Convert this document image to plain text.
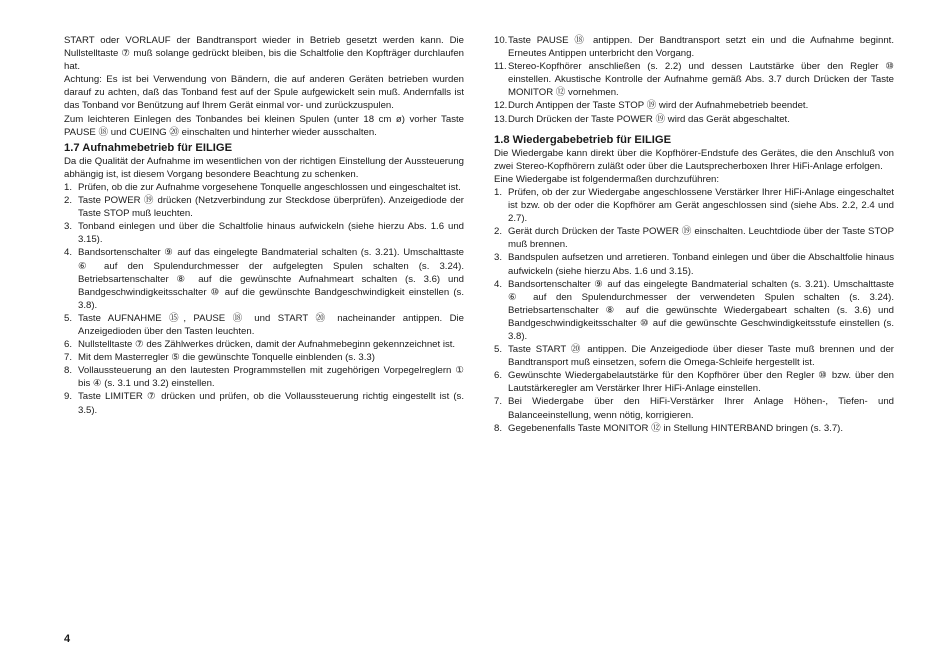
START oder VORLAUF der Bandtransport wieder in Betrieb gesetzt werden kann. Die Nullstelltaste ⑦ muß solange gedrückt bleiben, bis die Schaltfolie den Kopfträger durchlaufen hat.

Achtung: Es ist bei Verwendung von Bändern, die auf anderen Geräten betrieben wurden darauf zu achten, daß das Tonband fest auf der Spule aufgewickelt sein muß. Andernfalls ist das Tonband vor Benützung auf Ihrem Gerät einmal vor- und zurückzuspulen.

Zum leichteren Einlegen des Tonbandes bei kleinen Spulen (unter 18 cm ø) vorher Taste PAUSE ⑱ und CUEING ⑳ einschalten und hinterher wieder ausschalten.

1.7 Aufnahmebetrieb für EILIGE

Da die Qualität der Aufnahme im wesentlichen von der richtigen Einstellung der Aussteuerung abhängig ist, ist diesem Vorgang besondere Beachtung zu schenken.

1. Prüfen, ob die zur Aufnahme vorgesehene Tonquelle angeschlossen und eingeschaltet ist.
2. Taste POWER ⑲ drücken (Netzverbindung zur Steckdose überprüfen). Anzeigediode der Taste STOP muß leuchten.
3. Tonband einlegen und über die Schaltfolie hinaus aufwickeln (siehe hierzu Abs. 1.6 und 3.15).
4. Bandsortenschalter ⑨ auf das eingelegte Bandmaterial schalten (s. 3.21). Umschalttaste ⑥ auf den Spulendurchmesser der aufgelegten Spulen schalten (s. 3.24). Betriebsartenschalter ⑧ auf die gewünschte Aufnahmeart schalten (s. 3.6) und Bandgeschwindigkeitsschalter ⑩ auf die gewünschte Bandgeschwindigkeit einstellen (s. 3.8).
5. Taste AUFNAHME ⑮, PAUSE ⑱ und START ⑳ nacheinander antippen. Die Anzeigedioden über den Tasten leuchten.
6. Nullstelltaste ⑦ des Zählwerkes drücken, damit der Aufnahmebeginn gekennzeichnet ist.
7. Mit dem Masterregler ⑤ die gewünschte Tonquelle einblenden (s. 3.3)
8. Vollaussteuerung an den lautesten Programmstellen mit zugehörigen Vorpegelreglern ① bis ④ (s. 3.1 und 3.2) einstellen.
9. Taste LIMITER ⑦ drücken und prüfen, ob die Vollaussteuerung richtig eingestellt ist (s. 3.5).
10. Taste PAUSE ⑱ antippen. Der Bandtransport setzt ein und die Aufnahme beginnt. Erneutes Antippen unterbricht den Vorgang.
11. Stereo-Kopfhörer anschließen (s. 2.2) und dessen Lautstärke über den Regler ⑩ einstellen. Akustische Kontrolle der Aufnahme gemäß Abs. 3.7 durch Drücken der Taste MONITOR ⑫ vornehmen.
12. Durch Antippen der Taste STOP ⑲ wird der Aufnahmebetrieb beendet.
13. Durch Drücken der Taste POWER ⑲ wird das Gerät abgeschaltet.
1.8 Wiedergabebetrieb für EILIGE

Die Wiedergabe kann direkt über die Kopfhörer-Endstufe des Gerätes, die den Anschluß von zwei Stereo-Kopfhörern zuläßt oder über die Lautsprecherboxen Ihrer HiFi-Anlage erfolgen.

Eine Wiedergabe ist folgendermaßen durchzuführen:

1. Prüfen, ob der zur Wiedergabe angeschlossene Verstärker Ihrer HiFi-Anlage eingeschaltet ist bzw. ob der oder die Kopfhörer am Gerät angeschlossen sind (siehe Abs. 2.2, 2.4 und 2.7).
2. Gerät durch Drücken der Taste POWER ⑲ einschalten. Leuchtdiode über der Taste STOP muß brennen.
3. Bandspulen aufsetzen und arretieren. Tonband einlegen und über die Abschaltfolie hinaus aufwickeln (siehe hierzu Abs. 1.6 und 3.15).
4. Bandsortenschalter ⑨ auf das eingelegte Bandmaterial schalten (s. 3.21). Umschalttaste ⑥ auf den Spulendurchmesser der verwendeten Spulen schalten (s. 3.24). Betriebsartenschalter ⑧ auf die gewünschte Wiedergabeart schalten (s. 3.6) und Bandgeschwindigkeitsschalter ⑩ auf die gewünschte Geschwindigkeitsstufe einstellen (s. 3.8).
5. Taste START ⑳ antippen. Die Anzeigediode über dieser Taste muß brennen und der Bandtransport muß einsetzen, sofern die Omega-Schleife hergestellt ist.
6. Gewünschte Wiedergabelautstärke für den Kopfhörer über den Regler ⑩ bzw. über den Lautstärkeregler am Verstärker Ihrer HiFi-Anlage einstellen.
7. Bei Wiedergabe über den HiFi-Verstärker Ihrer Anlage Höhen-, Tiefen- und Balanceeinstellung, wenn nötig, korrigieren.
8. Gegebenenfalls Taste MONITOR ⑫ in Stellung HINTERBAND bringen (s. 3.7).
4
